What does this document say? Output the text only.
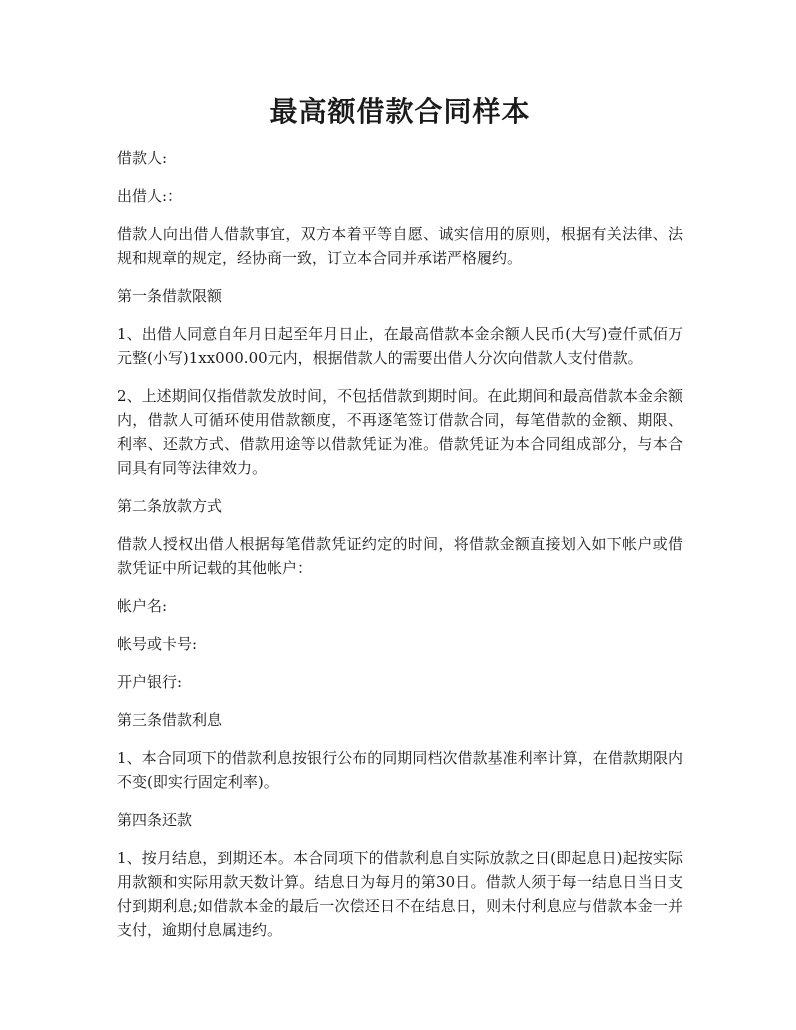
最高额借款合同样本

借款人:

出借人:：

借款人向出借人借款事宜，双方本着平等自愿、诚实信用的原则，根据有关法律、法规和规章的规定，经协商一致，订立本合同并承诺严格履约。

第一条借款限额

1、出借人同意自年月日起至年月日止，在最高借款本金余额人民币(大写)壹仟贰佰万元整(小写)1xx000.00元内，根据借款人的需要出借人分次向借款人支付借款。

2、上述期间仅指借款发放时间，不包括借款到期时间。在此期间和最高借款本金余额内，借款人可循环使用借款额度，不再逐笔签订借款合同，每笔借款的金额、期限、利率、还款方式、借款用途等以借款凭证为准。借款凭证为本合同组成部分，与本合同具有同等法律效力。

第二条放款方式

借款人授权出借人根据每笔借款凭证约定的时间，将借款金额直接划入如下帐户或借款凭证中所记载的其他帐户：

帐户名:

帐号或卡号:

开户银行:

第三条借款利息

1、本合同项下的借款利息按银行公布的同期同档次借款基准利率计算，在借款期限内不变(即实行固定利率)。

第四条还款

1、按月结息，到期还本。本合同项下的借款利息自实际放款之日(即起息日)起按实际用款额和实际用款天数计算。结息日为每月的第30日。借款人须于每一结息日当日支付到期利息;如借款本金的最后一次偿还日不在结息日，则未付利息应与借款本金一并支付，逾期付息属违约。
